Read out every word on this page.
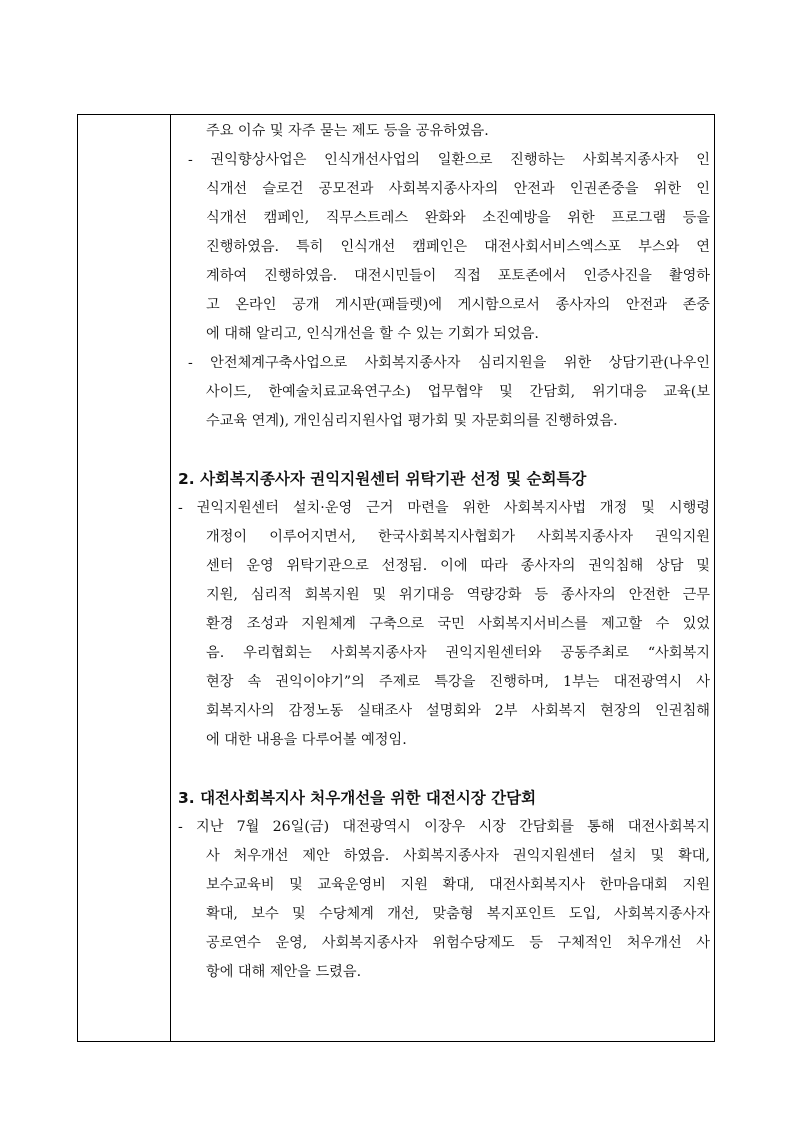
주요 이슈 및 자주 묻는 제도 등을 공유하였음.

- 권익향상사업은 인식개선사업의 일환으로 진행하는 사회복지종사자 인

식개선 슬로건 공모전과 사회복지종사자의 안전과 인권존중을 위한 인

식개선 캠페인, 직무스트레스 완화와 소진예방을 위한 프로그램 등을

진행하였음. 특히 인식개선 캠페인은 대전사회서비스엑스포 부스와 연

계하여 진행하였음. 대전시민들이 직접 포토존에서 인증사진을 촬영하

고 온라인 공개 게시판(패들렛)에 게시함으로서 종사자의 안전과 존중

에 대해 알리고, 인식개선을 할 수 있는 기회가 되었음.

- 안전체계구축사업으로 사회복지종사자 심리지원을 위한 상담기관(나우인

사이드, 한예술치료교육연구소) 업무협약 및 간담회, 위기대응 교육(보

수교육 연계), 개인심리지원사업 평가회 및 자문회의를 진행하였음.

2. 사회복지종사자 권익지원센터 위탁기관 선정 및 순회특강

- 권익지원센터 설치·운영 근거 마련을 위한 사회복지사법 개정 및 시행령

개정이 이루어지면서, 한국사회복지사협회가 사회복지종사자 권익지원

센터 운영 위탁기관으로 선정됨. 이에 따라 종사자의 권익침해 상담 및

지원, 심리적 회복지원 및 위기대응 역량강화 등 종사자의 안전한 근무

환경 조성과 지원체계 구축으로 국민 사회복지서비스를 제고할 수 있었

음. 우리협회는 사회복지종사자 권익지원센터와 공동주최로 “사회복지

현장 속 권익이야기”의 주제로 특강을 진행하며, 1부는 대전광역시 사

회복지사의 감정노동 실태조사 설명회와 2부 사회복지 현장의 인권침해

에 대한 내용을 다루어볼 예정임.

3. 대전사회복지사 처우개선을 위한 대전시장 간담회

- 지난 7월 26일(금) 대전광역시 이장우 시장 간담회를 통해 대전사회복지

사 처우개선 제안 하였음. 사회복지종사자 권익지원센터 설치 및 확대,

보수교육비 및 교육운영비 지원 확대, 대전사회복지사 한마음대회 지원

확대, 보수 및 수당체계 개선, 맞춤형 복지포인트 도입, 사회복지종사자

공로연수 운영, 사회복지종사자 위험수당제도 등 구체적인 처우개선 사

항에 대해 제안을 드렸음.
